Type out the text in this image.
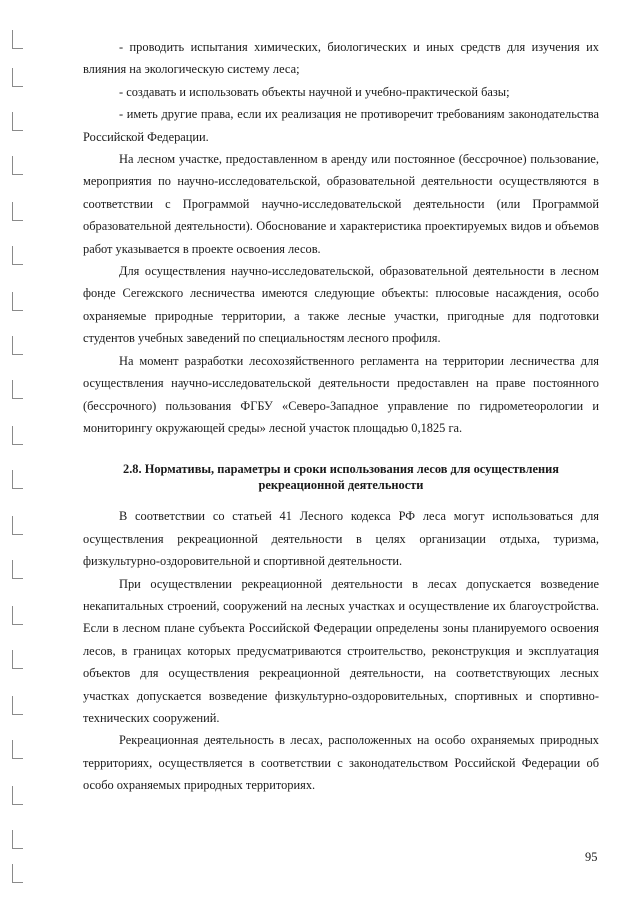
- проводить испытания химических, биологических и иных средств для изучения их влияния на экологическую систему леса;

- создавать и использовать объекты научной и учебно-практической базы;

- иметь другие права, если их реализация не противоречит требованиям законодательства Российской Федерации.

На лесном участке, предоставленном в аренду или постоянное (бессрочное) пользование, мероприятия по научно-исследовательской, образовательной деятельности осуществляются в соответствии с Программой научно-исследовательской деятельности (или Программой образовательной деятельности). Обоснование и характеристика проектируемых видов и объемов работ указывается в проекте освоения лесов.

Для осуществления научно-исследовательской, образовательной деятельности в лесном фонде Сегежского лесничества имеются следующие объекты: плюсовые насаждения, особо охраняемые природные территории, а также лесные участки, пригодные для подготовки студентов учебных заведений по специальностям лесного профиля.

На момент разработки лесохозяйственного регламента на территории лесничества для осуществления научно-исследовательской деятельности предоставлен на праве постоянного (бессрочного) пользования ФГБУ «Северо-Западное управление по гидрометеорологии и мониторингу окружающей среды» лесной участок площадью 0,1825 га.

2.8. Нормативы, параметры и сроки использования лесов для осуществления
рекреационной деятельности

В соответствии со статьей 41 Лесного кодекса РФ леса могут использоваться для осуществления рекреационной деятельности в целях организации отдыха, туризма, физкультурно-оздоровительной и спортивной деятельности.

При осуществлении рекреационной деятельности в лесах допускается возведение некапитальных строений, сооружений на лесных участках и осуществление их благоустройства. Если в лесном плане субъекта Российской Федерации определены зоны планируемого освоения лесов, в границах которых предусматриваются строительство, реконструкция и эксплуатация объектов для осуществления рекреационной деятельности, на соответствующих лесных участках допускается возведение физкультурно-оздоровительных, спортивных и спортивно-технических сооружений.

Рекреационная деятельность в лесах, расположенных на особо охраняемых природных территориях, осуществляется в соответствии с законодательством Российской Федерации об особо охраняемых природных территориях.

95
